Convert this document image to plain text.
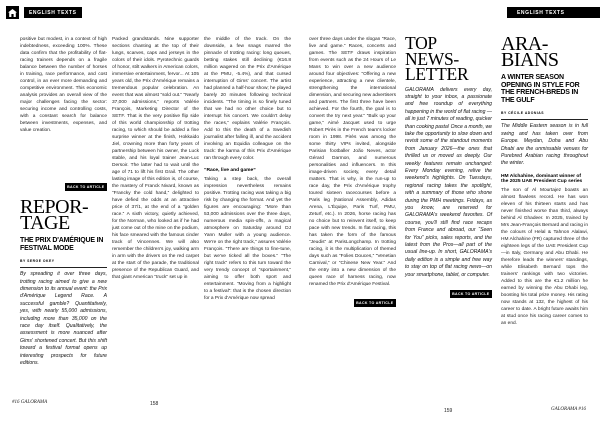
ENGLISH TEXTS	ENGLISH TEXTS
positive but modest, in a context of high indebtedness, exceeding 100%. These data confirm that the profitability of flat-racing trainers depends on a fragile balance between the number of horses in training, race performance, and cost control, in an ever more demanding and competitive environment. This economic analysis provides an overall view of the major challenges facing the sector: securing income and controlling costs, with a constant search for balance between investments, expenses, and value creation.
BACK TO ARTICLE
REPOR-
TAGE
THE PRIX D'AMÉRIQUE IN FESTIVAL MODE
BY SERGE OKEY
By spreading it over three days, trotting racing aimed to give a new dimension to its annual event: the Prix d'Amérique Legend Race. A successful gamble? Quantitatively, yes, with nearly 55,000 admissions, including more than 35,000 on the race day itself. Qualitatively, the assessment is more nuanced after Gims' shortened concert. But this shift toward a festival format opens up interesting prospects for future editions.
Packed grandstands. Nine supporter sections chanting at the top of their lungs, scarves, caps and jerseys in the colors of their idols. Pyrotechnic guards of honor, stilt walkers in American colors, immersive entertainment, fervor... At 105 years old, the Prix d'Amérique remains a tremendous popular celebration. An event that was almost “sold out.” “Nearly 37,000 admissions,” reports Valérie François, Marketing Director of the SETF. That is the very positive flip side of this world championship of trotting racing, to which should be added a fine surprise winner at the finish, Hokkaido Jiel, crowning more than forty years of partnership between his owner, the Luck stable, and his loyal trainer Jean-Luc Dersoir. The latter had to wait until the age of 71 to lift his first Grail. The other lasting image of this edition is, of course, the mastery of Franck Nivard, known as “Francky the cold hand,” delighted to have defied the odds at an attractive price of 37/1, at the end of a “golden race.” A sixth victory, quietly achieved, for the Norman, who looked as if he had just come out of the mine on the podium, his face smeared with the famous cinder track of Vincennes. We will also remember the children's joy, walking arm in arm with the drivers on the red carpet at the start of the parade, the traditional presence of the Republican Guard, and that giant American “truck” set up in
the middle of the track. On the downside, a few snags marred the pinnacle of trotting racing: long queues, betting stakes still declining (€16.8 million wagered on the Prix d'Amérique at the PMU, -5.4%), and that cursed interruption of Gims' concert. The artist had planned a half-hour show; he played barely 20 minutes following technical incidents. “The timing is so finely tuned that we had no other choice but to interrupt his concert. We couldn't delay the races,” explains Valérie François. Add to this the death of a Swedish journalist after falling ill, and the accident involving an Equidia colleague on the track: the karma of this Prix d'Amérique ran through every color.
“Race, live and game”
Taking a step back, the overall impression nevertheless remains positive. Trotting racing was taking a big risk by changing the format. And yet the figures are encouraging: “More than 53,000 admissions over the three days, numerous media spin-offs, a magical atmosphere on Saturday around DJ Yann Muller with a young audience. We're on the right track,” assures Valérie François. “There are things to fine-tune, but we've ticked all the boxes.” “The right track” refers to this turn toward the very trendy concept of “sportainment,” aiming to offer both sport and entertainment. “Moving from a highlight to a festival”: that is the chosen direction for a Prix d'Amérique now spread
over three days under the slogan “Race, live and game.” Races, concerts and games. The SETF draws inspiration from events such as the 24 Hours of Le Mans to win over a new audience around four objectives: “Offering a new experience, attracting a new clientele, strengthening the international dimension, and securing new advertisers and partners. The first three have been achieved. For the fourth, the goal is to convert the try next year.” “Bulk up your game,” Aimé Jacquet used to urge Robert Pirès in the French team's locker room in 1998. Pirès was among the some thirty VIPs invited, alongside Parisian footballer João Neves, actor Gérard Darmon, and numerous personalities and influencers. In this image-driven society, every detail matters. That is why, in the run-up to race day, the Prix d'Amérique trophy toured sixteen racecourses before a Paris leg (National Assembly, Adidas Arena, L'Équipe, Paris Turf, PMU, Zeturf, etc.). In 2026, horse racing has no choice but to reinvent itself, to keep pace with new trends. In flat racing, this has taken the form of the famous “Jeudis” at ParisLongchamp. In trotting racing, it is the multiplication of themed days such as “Folies Douces,” “Venetian Carnival,” or “Chinese New Year.” And the entry into a new dimension of the queen race of harness racing, now renamed the Prix d'Amérique Festival.
BACK TO ARTICLE
TOP
NEWS-
LETTER
GALORAMA delivers every day, straight to your inbox, a passionate and free roundup of everything happening in the world of flat racing — all in just 7 minutes of reading, quicker than cooking pasta! Once a month, we take the opportunity to slow down and revisit some of the standout moments from January 2026—the ones that thrilled us or moved us deeply. Our weekly features remain unchanged: Every Monday evening, relive the weekend's highlights. On Tuesdays, regional racing takes the spotlight, with a summary of those who shone during the PMH meetings. Fridays, as you know, are reserved for GALORAMA's weekend favorites. Of course, you'll still find race recaps from France and abroad, our “Seen for You” picks, sales reports, and the latest from the Pros—all part of the usual line-up. In short, GALORAMA's daily edition is a simple and free way to stay on top of flat racing news—on your smartphone, tablet, or computer.
BACK TO ARTICLE
ARA-
BIANS
A WINTER SEASON OPENING IN STYLE FOR THE FRENCH-BREDS IN THE GULF
BY CÉCILE ADONIAS
The Middle Eastern season is in full swing and has taken over from Europe. Meydan, Doha and Abu Dhabi are the unmissable venues for Purebred Arabian racing throughout the winter.
HM Alchahine, dominant winner of the 2025 UAE President Cup series
The son of Al Mourtajez boasts an almost flawless record. He has won eleven of his thirteen starts and has never finished worse than third, always behind Al Ghadeer. In 2025, trained by Mrs Jean-François Bernard and racing in the colours of Helal & Tahnon Alalawi, HM Alchahine (FR) captured three of the eighteen legs of the UAE President Cup—in Italy, Germany and Abu Dhabi. He therefore leads the winners' standings, while Elisabeth Bernard tops the trainers' rankings with two victories. Added to this are the €1.2 million he earned by winning the Abu Dhabi leg, boosting his total prize money. His rating now stands at 132, the highest of his career to date. A bright future awaits him at stud once his racing career comes to an end.
#16 GALORAMA	158
159	GALORAMA #16
